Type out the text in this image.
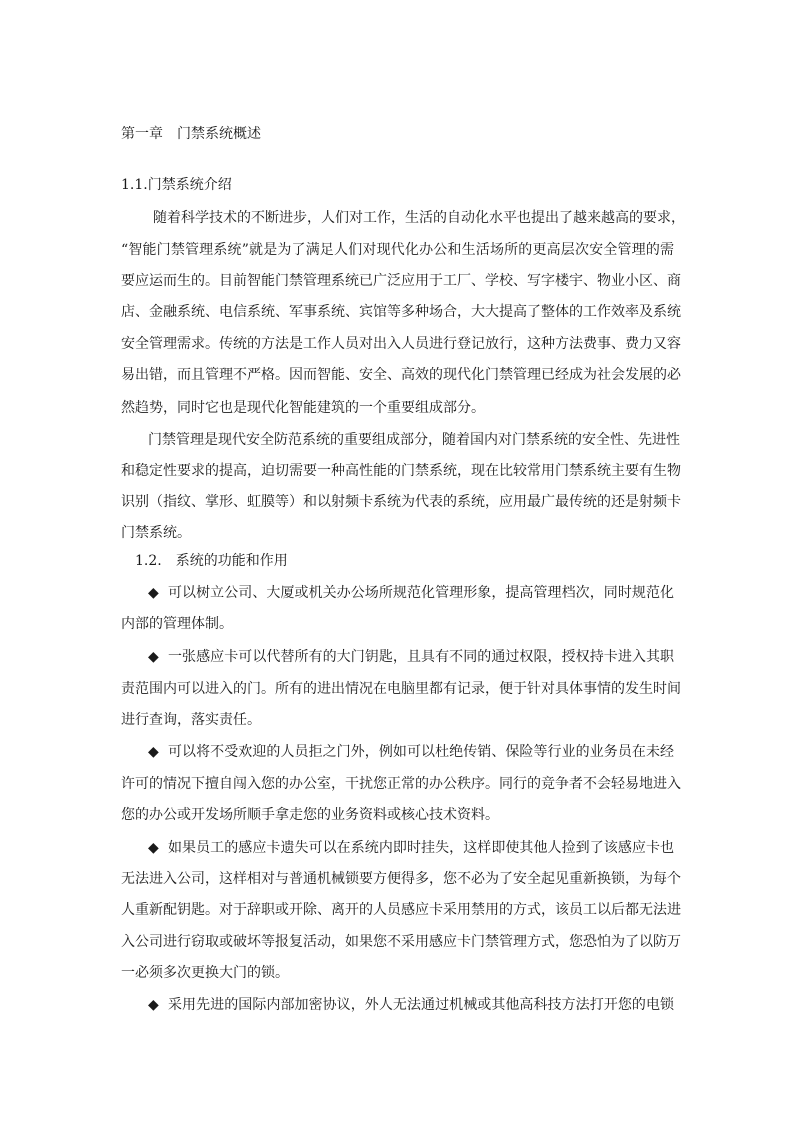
第一章　门禁系统概述
1.1.门禁系统介绍
随着科学技术的不断进步，人们对工作，生活的自动化水平也提出了越来越高的要求，
“智能门禁管理系统”就是为了满足人们对现代化办公和生活场所的更高层次安全管理的需
要应运而生的。目前智能门禁管理系统已广泛应用于工厂、学校、写字楼宇、物业小区、商
店、金融系统、电信系统、军事系统、宾馆等多种场合，大大提高了整体的工作效率及系统
安全管理需求。传统的方法是工作人员对出入人员进行登记放行，这种方法费事、费力又容
易出错，而且管理不严格。因而智能、安全、高效的现代化门禁管理已经成为社会发展的必
然趋势，同时它也是现代化智能建筑的一个重要组成部分。
门禁管理是现代安全防范系统的重要组成部分，随着国内对门禁系统的安全性、先进性
和稳定性要求的提高，迫切需要一种高性能的门禁系统，现在比较常用门禁系统主要有生物
识别（指纹、掌形、虹膜等）和以射频卡系统为代表的系统，应用最广最传统的还是射频卡
门禁系统。
1.2.　系统的功能和作用
◆ 可以树立公司、大厦或机关办公场所规范化管理形象，提高管理档次，同时规范化
内部的管理体制。
◆ 一张感应卡可以代替所有的大门钥匙，且具有不同的通过权限，授权持卡进入其职
责范围内可以进入的门。所有的进出情况在电脑里都有记录，便于针对具体事情的发生时间
进行查询，落实责任。
◆ 可以将不受欢迎的人员拒之门外，例如可以杜绝传销、保险等行业的业务员在未经
许可的情况下擅自闯入您的办公室，干扰您正常的办公秩序。同行的竞争者不会轻易地进入
您的办公或开发场所顺手拿走您的业务资料或核心技术资料。
◆ 如果员工的感应卡遗失可以在系统内即时挂失，这样即使其他人捡到了该感应卡也
无法进入公司，这样相对与普通机械锁要方便得多，您不必为了安全起见重新换锁，为每个
人重新配钥匙。对于辞职或开除、离开的人员感应卡采用禁用的方式，该员工以后都无法进
入公司进行窃取或破坏等报复活动，如果您不采用感应卡门禁管理方式，您恐怕为了以防万
一必须多次更换大门的锁。
◆ 采用先进的国际内部加密协议，外人无法通过机械或其他高科技方法打开您的电锁
